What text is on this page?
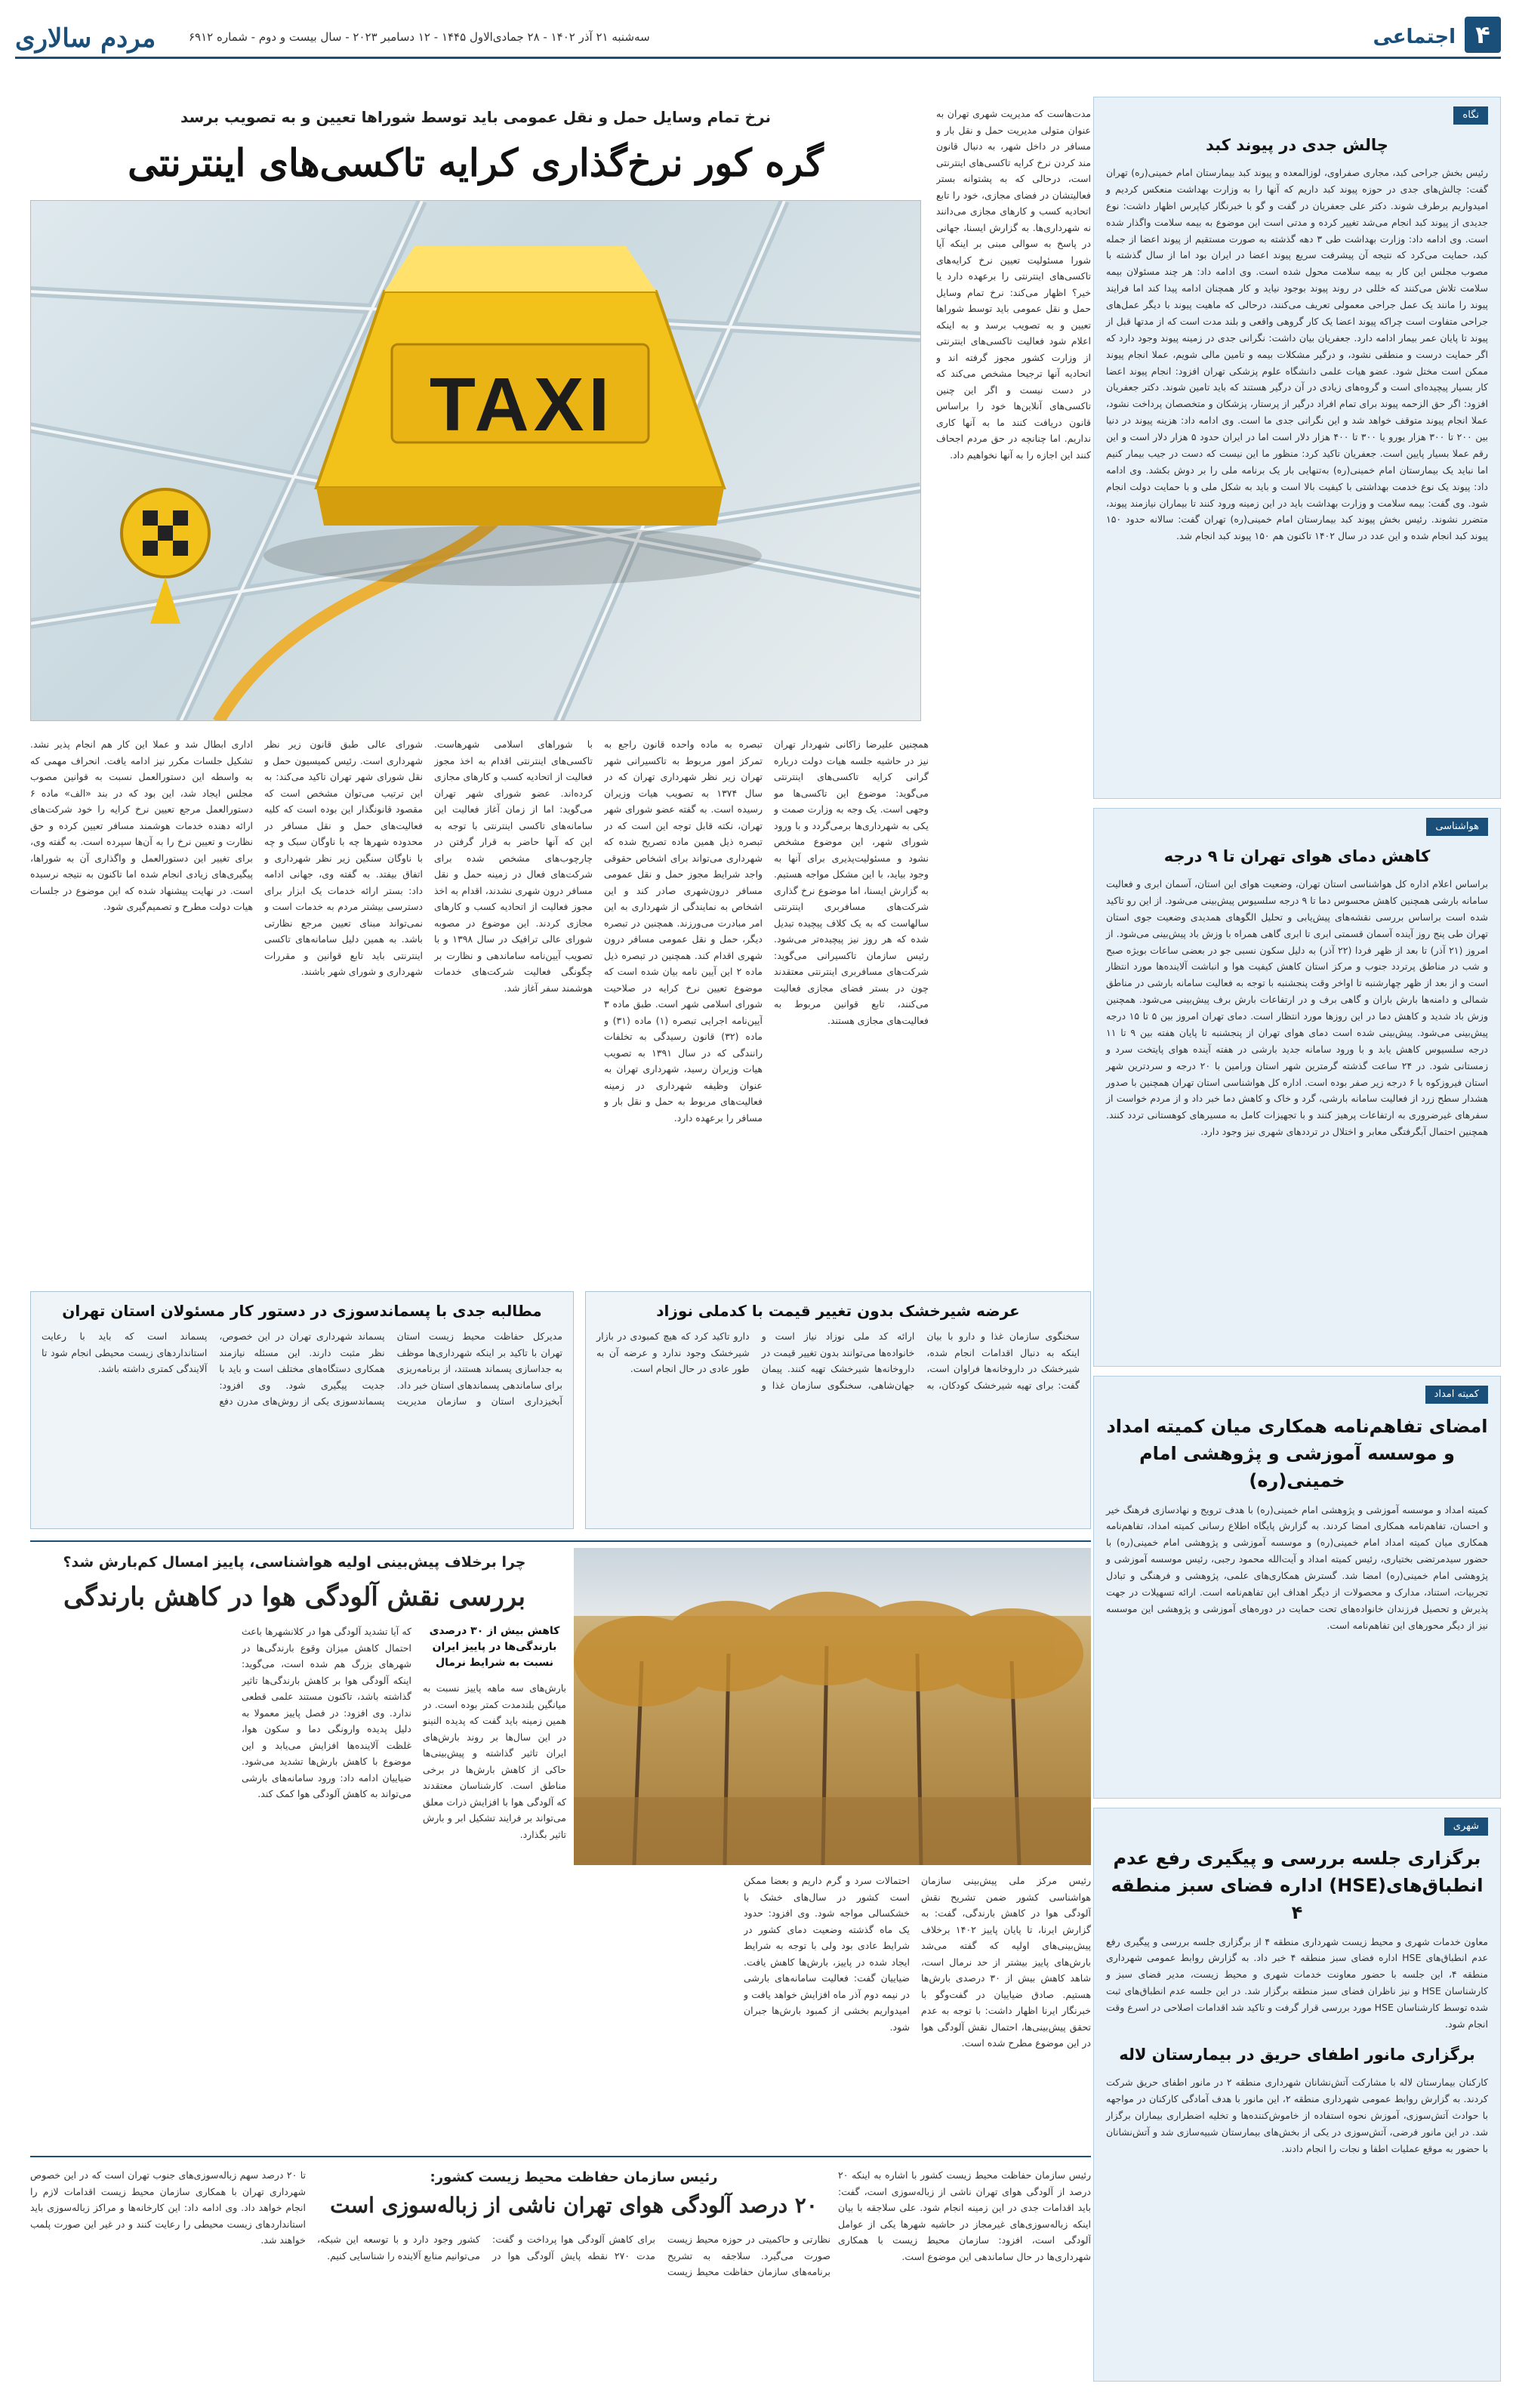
مردم سالاری	سه‌شنبه ۲۱ آذر ۱۴۰۲ - ۲۸ جمادی‌الاول ۱۴۴۵ - ۱۲ دسامبر ۲۰۲۳ - سال بیست و دوم - شماره ۶۹۱۲	اجتماعی ۴
نگاه
چالش جدی در پیوند کبد
رئیس بخش جراحی کبد، مجاری صفراوی، لوزالمعده و پیوند کبد بیمارستان امام خمینی(ره) تهران گفت: چالش‌های جدی در حوزه پیوند کبد داریم که آنها را به وزارت بهداشت منعکس کردیم و امیدواریم برطرف شوند. دکتر علی جعفریان در گفت و گو با خبرنگار کیاپرس اظهار داشت: نوع جدیدی از پیوند کبد انجام می‌شد تغییر کرده و مدتی است این موضوع به بیمه سلامت واگذار شده است. وی ادامه داد: وزارت بهداشت طی ۳ دهه گذشته به صورت مستقیم از پیوند اعضا از جمله کبد، حمایت می‌کرد که نتیجه آن پیشرفت سریع پیوند اعضا در ایران بود اما از سال گذشته با مصوب مجلس این کار به بیمه سلامت محول شده است. وی ادامه داد: هر چند مسئولان بیمه سلامت تلاش می‌کنند که خللی در روند پیوند بوجود نیاید و کار همچنان ادامه پیدا کند اما فرایند پیوند را مانند یک عمل جراحی معمولی تعریف می‌کنند، درحالی که ماهیت پیوند با دیگر عمل‌های جراحی متفاوت است چراکه پیوند اعضا یک کار گروهی واقعی و بلند مدت است که از مدتها قبل از پیوند تا پایان عمر بیمار ادامه دارد. جعفریان بیان داشت: نگرانی جدی در زمینه پیوند وجود دارد که اگر حمایت درست و منطقی نشود، و درگیر مشکلات بیمه و تامین مالی شویم، عملا انجام پیوند ممکن است مختل شود. عضو هیات علمی دانشگاه علوم پزشکی تهران افزود: انجام پیوند اعضا کار بسیار پیچیده‌ای است و گروه‌های زیادی در آن درگیر هستند که باید تامین شوند. دکتر جعفریان افزود: اگر حق الزحمه پیوند برای تمام افراد درگیر از پرستار، پزشکان و متخصصان پرداخت نشود، عملا انجام پیوند متوقف خواهد شد و این نگرانی جدی ما است. وی ادامه داد: هزینه پیوند در دنیا بین ۲۰۰ تا ۳۰۰ هزار یورو یا ۳۰۰ تا ۴۰۰ هزار دلار است اما در ایران حدود ۵ هزار دلار است و این رقم عملا بسیار پایین است. جعفریان تاکید کرد: منظور ما این نیست که دست در جیب بیمار کنیم اما نباید یک بیمارستان امام خمینی(ره) به‌تنهایی بار یک برنامه ملی را بر دوش بکشد. وی ادامه داد: پیوند یک نوع خدمت بهداشتی با کیفیت بالا است و باید به شکل ملی و با حمایت دولت انجام شود. وی گفت: بیمه سلامت و وزارت بهداشت باید در این زمینه ورود کنند تا بیماران نیازمند پیوند، متضرر نشوند. رئیس بخش پیوند کبد بیمارستان امام خمینی(ره) تهران گفت: سالانه حدود ۱۵۰ پیوند کبد انجام شده و این عدد در سال ۱۴۰۲ تاکنون هم ۱۵۰ پیوند کبد انجام شد.
هواشناسی
کاهش دمای هوای تهران تا ۹ درجه
براساس اعلام اداره کل هواشناسی استان تهران، وضعیت هوای این استان، آسمان ابری و فعالیت سامانه بارشی همچنین کاهش محسوس دما تا ۹ درجه سلسیوس پیش‌بینی می‌شود. از این رو تاکید شده است براساس بررسی نقشه‌های پیش‌یابی و تحلیل الگوهای همدیدی وضعیت جوی استان تهران طی پنج روز آینده آسمان قسمتی ابری تا ابری گاهی همراه با وزش باد پیش‌بینی می‌شود. از امروز (۲۱ آذر) تا بعد از ظهر فردا (۲۲ آذر) به دلیل سکون نسبی جو در بعضی ساعات بویژه صبح و شب در مناطق پرتردد جنوب و مرکز استان کاهش کیفیت هوا و انباشت آلاینده‌ها مورد انتظار است و از بعد از ظهر چهارشنبه تا اواخر وقت پنجشنبه با توجه به فعالیت سامانه بارشی در مناطق شمالی و دامنه‌ها بارش باران و گاهی برف و در ارتفاعات بارش برف پیش‌بینی می‌شود. همچنین وزش باد شدید و کاهش دما در این روزها مورد انتظار است. دمای تهران امروز بین ۵ تا ۱۵ درجه پیش‌بینی می‌شود. پیش‌بینی شده است دمای هوای تهران از پنجشنبه تا پایان هفته بین ۹ تا ۱۱ درجه سلسیوس کاهش یابد و با ورود سامانه جدید بارشی در هفته آینده هوای پایتخت سرد و زمستانی شود. در ۲۴ ساعت گذشته گرمترین شهر استان ورامین با ۲۰ درجه و سردترین شهر استان فیروزکوه با ۶ درجه زیر صفر بوده است. اداره کل هواشناسی استان تهران همچنین با صدور هشدار سطح زرد از فعالیت سامانه بارشی، گرد و خاک و کاهش دما خبر داد و از مردم خواست از سفرهای غیرضروری به ارتفاعات پرهیز کنند و با تجهیزات کامل به مسیرهای کوهستانی تردد کنند. همچنین احتمال آبگرفتگی معابر و اختلال در ترددهای شهری نیز وجود دارد.
کمیته امداد
امضای تفاهم‌نامه همکاری میان کمیته امداد و موسسه آموزشی و پژوهشی امام خمینی(ره)
کمیته امداد و موسسه آموزشی و پژوهشی امام خمینی(ره) با هدف ترویج و نهادسازی فرهنگ خیر و احسان، تفاهم‌نامه همکاری امضا کردند. به گزارش پایگاه اطلاع رسانی کمیته امداد، تفاهم‌نامه همکاری میان کمیته امداد امام خمینی(ره) و موسسه آموزشی و پژوهشی امام خمینی(ره) با حضور سیدمرتضی بختیاری، رئیس کمیته امداد و آیت‌الله محمود رجبی، رئیس موسسه آموزشی و پژوهشی امام خمینی(ره) امضا شد. گسترش همکاری‌های علمی، پژوهشی و فرهنگی و تبادل تجربیات، استناد، مدارک و محصولات از دیگر اهداف این تفاهم‌نامه است. ارائه تسهیلات در جهت پذیرش و تحصیل فرزندان خانواده‌های تحت حمایت در دوره‌های آموزشی و پژوهشی این موسسه نیز از دیگر محورهای این تفاهم‌نامه است.
شهری
برگزاری جلسه بررسی و پیگیری رفع عدم انطباق‌های(HSE) اداره فضای سبز منطقه ۴
معاون خدمات شهری و محیط زیست شهرداری منطقه ۴ از برگزاری جلسه بررسی و پیگیری رفع عدم انطباق‌های HSE اداره فضای سبز منطقه ۴ خبر داد. به گزارش روابط عمومی شهرداری منطقه ۴، این جلسه با حضور معاونت خدمات شهری و محیط زیست، مدیر فضای سبز و کارشناسان HSE و نیز ناظران فضای سبز منطقه برگزار شد. در این جلسه عدم انطباق‌های ثبت شده توسط کارشناسان HSE مورد بررسی قرار گرفت و تاکید شد اقدامات اصلاحی در اسرع وقت انجام شود.
برگزاری مانور اطفای حریق در بیمارستان لاله
کارکنان بیمارستان لاله با مشارکت آتش‌نشانان شهرداری منطقه ۲ در مانور اطفای حریق شرکت کردند. به گزارش روابط عمومی شهرداری منطقه ۲، این مانور با هدف آمادگی کارکنان در مواجهه با حوادث آتش‌سوزی، آموزش نحوه استفاده از خاموش‌کننده‌ها و تخلیه اضطراری بیماران برگزار شد. در این مانور فرضی، آتش‌سوزی در یکی از بخش‌های بیمارستان شبیه‌سازی شد و آتش‌نشانان با حضور به موقع عملیات اطفا و نجات را انجام دادند.
مدت‌هاست که مدیریت شهری تهران به عنوان متولی مدیریت حمل و نقل بار و مسافر در داخل شهر، به دنبال قانون مند کردن نرخ کرایه تاکسی‌های اینترنتی است، درحالی که به پشتوانه بستر فعالیتشان در فضای مجازی، خود را تابع اتحادیه کسب و کارهای مجازی می‌دانند نه شهرداری‌ها. به گزارش ایسنا، جهانی در پاسخ به سوالی مبنی بر اینکه آیا شورا مسئولیت تعیین نرخ کرایه‌های تاکسی‌های اینترنتی را برعهده دارد یا خیر؟ اظهار می‌کند: نرخ تمام وسایل حمل و نقل عمومی باید توسط شوراها تعیین و به تصویب برسد و به اینکه اعلام شود فعالیت تاکسی‌های اینترنتی از وزارت کشور مجوز گرفته اند و اتحادیه آنها ترجیحا مشخص می‌کند که در دست نیست و اگر این چنین تاکسی‌های آنلاین‌ها خود را براساس قانون دریافت کنند ما به آنها کاری نداریم. اما چنانچه در حق مردم اجحاف کنند این اجازه را به آنها نخواهیم داد.
نرخ تمام وسایل حمل و نقل عمومی باید توسط شوراها تعیین و به تصویب برسد
گره کور نرخ‌گذاری کرایه تاکسی‌های اینترنتی
TAXI
همچنین علیرضا زاکانی شهردار تهران نیز در حاشیه جلسه هیات دولت درباره گرانی کرایه تاکسی‌های اینترنتی می‌گوید: موضوع این تاکسی‌ها مو وجهی است. یک وجه به وزارت صمت و یکی به شهرداری‌ها برمی‌گردد و با ورود شورای شهر، این موضوع مشخص نشود و مسئولیت‌پذیری برای آنها به وجود بیاید، با این مشکل مواجه هستیم. به گزارش ایسنا، اما موضوع نرخ گذاری شرکت‌های مسافربری اینترنتی سالهاست که به یک کلاف پیچیده تبدیل شده که هر روز نیز پیچیده‌تر می‌شود. رئیس سازمان تاکسیرانی می‌گوید: شرکت‌های مسافربری اینترنتی معتقدند چون در بستر فضای مجازی فعالیت می‌کنند، تابع قوانین مربوط به فعالیت‌های مجازی هستند.
تبصره به ماده واحده قانون راجع به تمرکز امور مربوط به تاکسیرانی شهر تهران زیر نظر شهرداری تهران که در سال ۱۳۷۴ به تصویب هیات وزیران رسیده است. به گفته عضو شورای شهر تهران، نکته قابل توجه این است که در تبصره ذیل همین ماده تصریح شده که شهرداری می‌تواند برای اشخاص حقوقی واجد شرایط مجوز حمل و نقل عمومی مسافر درون‌شهری صادر کند و این اشخاص به نمایندگی از شهرداری به این امر مبادرت می‌ورزند. همچنین در تبصره دیگر، حمل و نقل عمومی مسافر درون شهری اقدام کند. همچنین در تبصره ذیل ماده ۲ این آیین نامه بیان شده است که موضوع تعیین نرخ کرایه در صلاحیت شورای اسلامی شهر است. طبق ماده ۳ آیین‌نامه اجرایی تبصره (۱) ماده (۳۱) و ماده (۳۲) قانون رسیدگی به تخلفات رانندگی که در سال ۱۳۹۱ به تصویب هیات وزیران رسید، شهرداری تهران به عنوان وظیفه شهرداری در زمینه فعالیت‌های مربوط به حمل و نقل بار و مسافر را برعهده دارد.
با شوراهای اسلامی شهرهاست. تاکسی‌های اینترنتی اقدام به اخذ مجوز فعالیت از اتحادیه کسب و کارهای مجازی کرده‌اند. عضو شورای شهر تهران می‌گوید: اما از زمان آغاز فعالیت این سامانه‌های تاکسی اینترنتی با توجه به این که آنها حاضر به قرار گرفتن در چارچوب‌های مشخص شده برای شرکت‌های فعال در زمینه حمل و نقل مسافر درون شهری نشدند، اقدام به اخذ مجوز فعالیت از اتحادیه کسب و کارهای مجازی کردند. این موضوع در مصوبه شورای عالی ترافیک در سال ۱۳۹۸ و با تصویب آیین‌نامه ساماندهی و نظارت بر چگونگی فعالیت شرکت‌های خدمات هوشمند سفر آغاز شد.
شورای عالی طبق قانون زیر نظر شهرداری است. رئیس کمیسیون حمل و نقل شورای شهر تهران تاکید می‌کند: به این ترتیب می‌توان مشخص است که مقصود قانونگذار این بوده است که کلیه فعالیت‌های حمل و نقل مسافر در محدوده شهرها چه با ناوگان سبک و چه با ناوگان سنگین زیر نظر شهرداری و اتفاق بیفتد. به گفته وی، جهانی ادامه داد: بستر ارائه خدمات یک ابزار برای دسترسی بیشتر مردم به خدمات است و نمی‌تواند مبنای تعیین مرجع نظارتی باشد. به همین دلیل سامانه‌های تاکسی اینترنتی باید تابع قوانین و مقررات شهرداری و شورای شهر باشند.
اداری ابطال شد و عملا این کار هم انجام پذیر نشد. تشکیل جلسات مکرر نیز ادامه یافت. انحراف مهمی که به واسطه این دستورالعمل نسبت به قوانین مصوب مجلس ایجاد شد، این بود که در بند «الف» ماده ۶ دستورالعمل مرجع تعیین نرخ کرایه را خود شرکت‌های ارائه دهنده خدمات هوشمند مسافر تعیین کرده و حق نظارت و تعیین نرخ را به آن‌ها سپرده است. به گفته وی، برای تغییر این دستورالعمل و واگذاری آن به شوراها، پیگیری‌های زیادی انجام شده اما تاکنون به نتیجه نرسیده است. در نهایت پیشنهاد شده که این موضوع در جلسات هیات دولت مطرح و تصمیم‌گیری شود.
عرضه شیرخشک بدون تغییر قیمت با کدملی نوزاد
سخنگوی سازمان غذا و دارو با بیان اینکه به دنبال اقدامات انجام شده، شیرخشک در داروخانه‌ها فراوان است، گفت: برای تهیه شیرخشک کودکان، به ارائه کد ملی نوزاد نیاز است و خانواده‌ها می‌توانند بدون تغییر قیمت در داروخانه‌ها شیرخشک تهیه کنند. پیمان جهان‌شاهی، سخنگوی سازمان غذا و دارو تاکید کرد که هیچ کمبودی در بازار شیرخشک وجود ندارد و عرضه آن به طور عادی در حال انجام است.
مطالبه جدی با پسماندسوزی در دستور کار مسئولان استان تهران
مدیرکل حفاظت محیط زیست استان تهران با تاکید بر اینکه شهرداری‌ها موظف به جداسازی پسماند هستند، از برنامه‌ریزی برای ساماندهی پسماندهای استان خبر داد. آبخیزداری استان و سازمان مدیریت پسماند شهرداری تهران در این خصوص، نظر مثبت دارند. این مسئله نیازمند همکاری دستگاه‌های مختلف است و باید با جدیت پیگیری شود. وی افزود: پسماندسوزی یکی از روش‌های مدرن دفع پسماند است که باید با رعایت استانداردهای زیست محیطی انجام شود تا آلایندگی کمتری داشته باشد.
چرا برخلاف پیش‌بینی اولیه هواشناسی، پاییز امسال کم‌بارش شد؟
بررسی نقش آلودگی هوا در کاهش بارندگی
رئیس مرکز ملی پیش‌بینی سازمان هواشناسی کشور ضمن تشریح نقش آلودگی هوا در کاهش بارندگی، گفت: به گزارش ایرنا، تا پایان پاییز ۱۴۰۲ برخلاف پیش‌بینی‌های اولیه که گفته می‌شد بارش‌های پاییز بیشتر از حد نرمال است، شاهد کاهش بیش از ۳۰ درصدی بارش‌ها هستیم. صادق ضیاییان در گفت‌وگو با خبرنگار ایرنا اظهار داشت: با توجه به عدم تحقق پیش‌بینی‌ها، احتمال نقش آلودگی هوا در این موضوع مطرح شده است.
احتمالات سرد و گرم داریم و بعضا ممکن است کشور در سال‌های خشک با خشکسالی مواجه شود. وی افزود: حدود یک ماه گذشته وضعیت دمای کشور در شرایط عادی بود ولی با توجه به شرایط ایجاد شده در پاییز، بارش‌ها کاهش یافت. ضیاییان گفت: فعالیت سامانه‌های بارشی در نیمه دوم آذر ماه افزایش خواهد یافت و امیدواریم بخشی از کمبود بارش‌ها جبران شود.
کاهش بیش از ۳۰ درصدی بارندگی‌ها در پاییز ایران نسبت به شرایط نرمال
بارش‌های سه ماهه پاییز نسبت به میانگین بلندمدت کمتر بوده است. در همین زمینه باید گفت که پدیده النینو در این سال‌ها بر روند بارش‌های ایران تاثیر گذاشته و پیش‌بینی‌ها حاکی از کاهش بارش‌ها در برخی مناطق است. کارشناسان معتقدند که آلودگی هوا با افزایش ذرات معلق می‌تواند بر فرایند تشکیل ابر و بارش تاثیر بگذارد.
که آیا تشدید آلودگی هوا در کلانشهرها باعث احتمال کاهش میزان وقوع بارندگی‌ها در شهرهای بزرگ هم شده است، می‌گوید: اینکه آلودگی هوا بر کاهش بارندگی‌ها تاثیر گذاشته باشد، تاکنون مستند علمی قطعی ندارد. وی افزود: در فصل پاییز معمولا به دلیل پدیده وارونگی دما و سکون هوا، غلظت آلاینده‌ها افزایش می‌یابد و این موضوع با کاهش بارش‌ها تشدید می‌شود. ضیاییان ادامه داد: ورود سامانه‌های بارشی می‌تواند به کاهش آلودگی هوا کمک کند.
رئیس سازمان حفاظت محیط زیست کشور با اشاره به اینکه ۲۰ درصد از آلودگی هوای تهران ناشی از زباله‌سوزی است، گفت: باید اقدامات جدی در این زمینه انجام شود. علی سلاجقه با بیان اینکه زباله‌سوزی‌های غیرمجاز در حاشیه شهرها یکی از عوامل آلودگی است، افزود: سازمان محیط زیست با همکاری شهرداری‌ها در حال ساماندهی این موضوع است.
رئیس سازمان حفاظت محیط زیست کشور:
۲۰ درصد آلودگی هوای تهران ناشی از زباله‌سوزی است
نظارتی و حاکمیتی در حوزه محیط زیست صورت می‌گیرد. سلاجقه به تشریح برنامه‌های سازمان حفاظت محیط زیست برای کاهش آلودگی هوا پرداخت و گفت: مدت ۲۷۰ نقطه پایش آلودگی هوا در کشور وجود دارد و با توسعه این شبکه، می‌توانیم منابع آلاینده را شناسایی کنیم.
تا ۲۰ درصد سهم زباله‌سوزی‌های جنوب تهران است که در این خصوص شهرداری تهران با همکاری سازمان محیط زیست اقدامات لازم را انجام خواهد داد. وی ادامه داد: این کارخانه‌ها و مراکز زباله‌سوزی باید استانداردهای زیست محیطی را رعایت کنند و در غیر این صورت پلمب خواهند شد.
